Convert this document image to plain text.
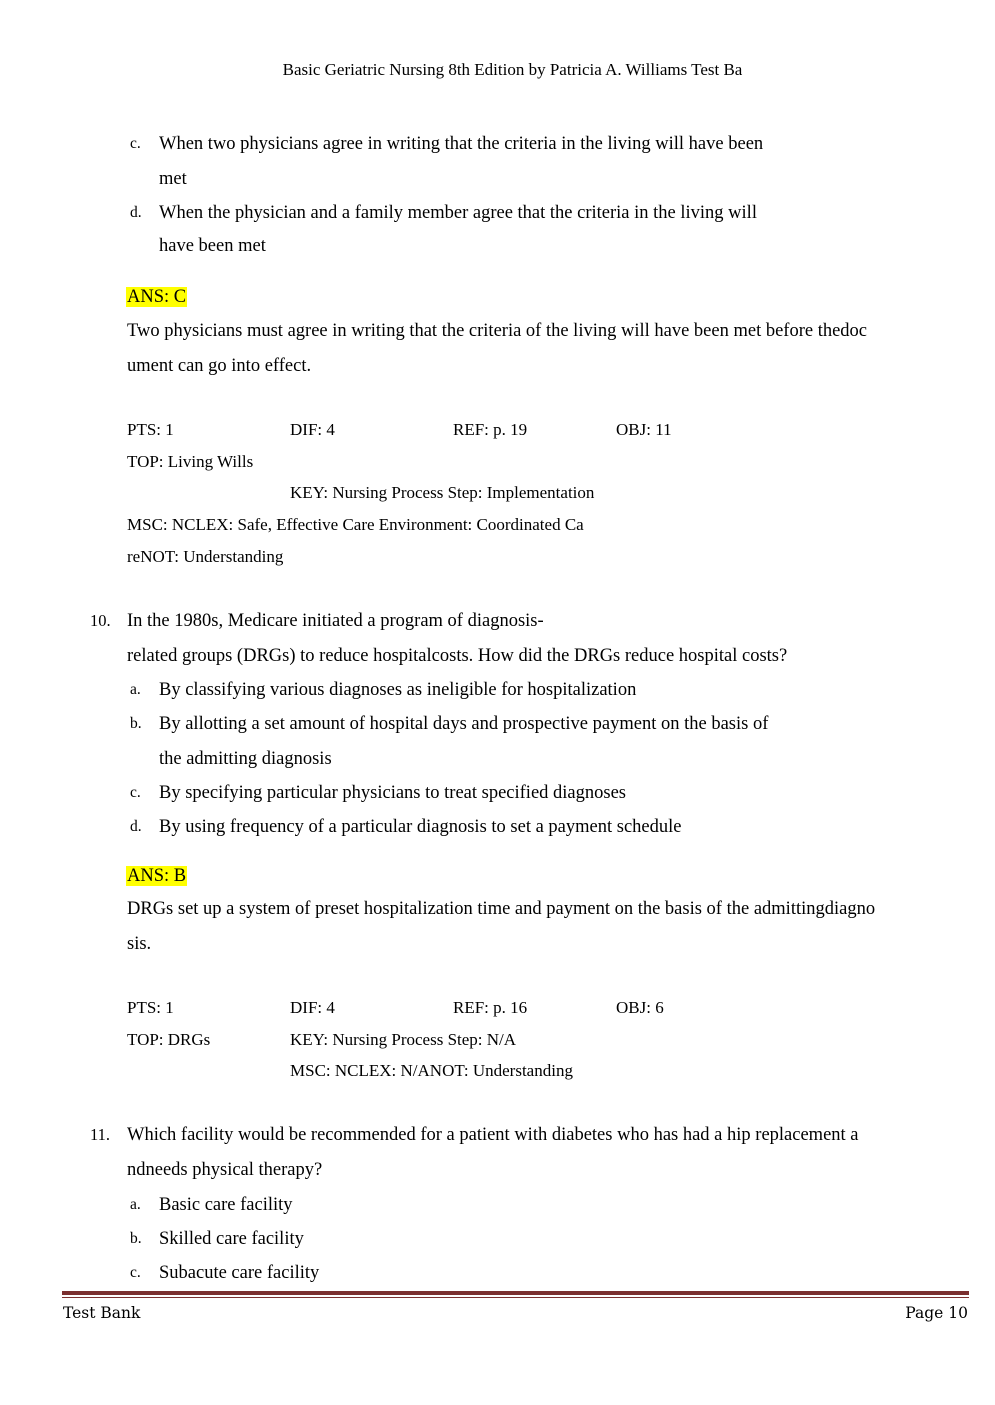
Basic Geriatric Nursing 8th Edition by Patricia A. Williams Test Ba
c. When two physicians agree in writing that the criteria in the living will have been
met
d. When the physician and a family member agree that the criteria in the living will
have been met
ANS: C
Two physicians must agree in writing that the criteria of the living will have been met before thedoc
ument can go into effect.
PTS: 1	DIF: 4	REF: p. 19	OBJ: 11
TOP: Living Wills
KEY: Nursing Process Step: Implementation
MSC: NCLEX: Safe, Effective Care Environment: Coordinated Ca
reNOT: Understanding
10. In the 1980s, Medicare initiated a program of diagnosis-
related groups (DRGs) to reduce hospitalcosts. How did the DRGs reduce hospital costs?
a. By classifying various diagnoses as ineligible for hospitalization
b. By allotting a set amount of hospital days and prospective payment on the basis of
the admitting diagnosis
c. By specifying particular physicians to treat specified diagnoses
d. By using frequency of a particular diagnosis to set a payment schedule
ANS: B
DRGs set up a system of preset hospitalization time and payment on the basis of the admittingdiagno
sis.
PTS: 1	DIF: 4	REF: p. 16	OBJ: 6
TOP: DRGs	KEY: Nursing Process Step: N/A
MSC: NCLEX: N/ANOT: Understanding
11. Which facility would be recommended for a patient with diabetes who has had a hip replacement a
ndneeds physical therapy?
a. Basic care facility
b. Skilled care facility
c. Subacute care facility
Test Bank	Page 10
